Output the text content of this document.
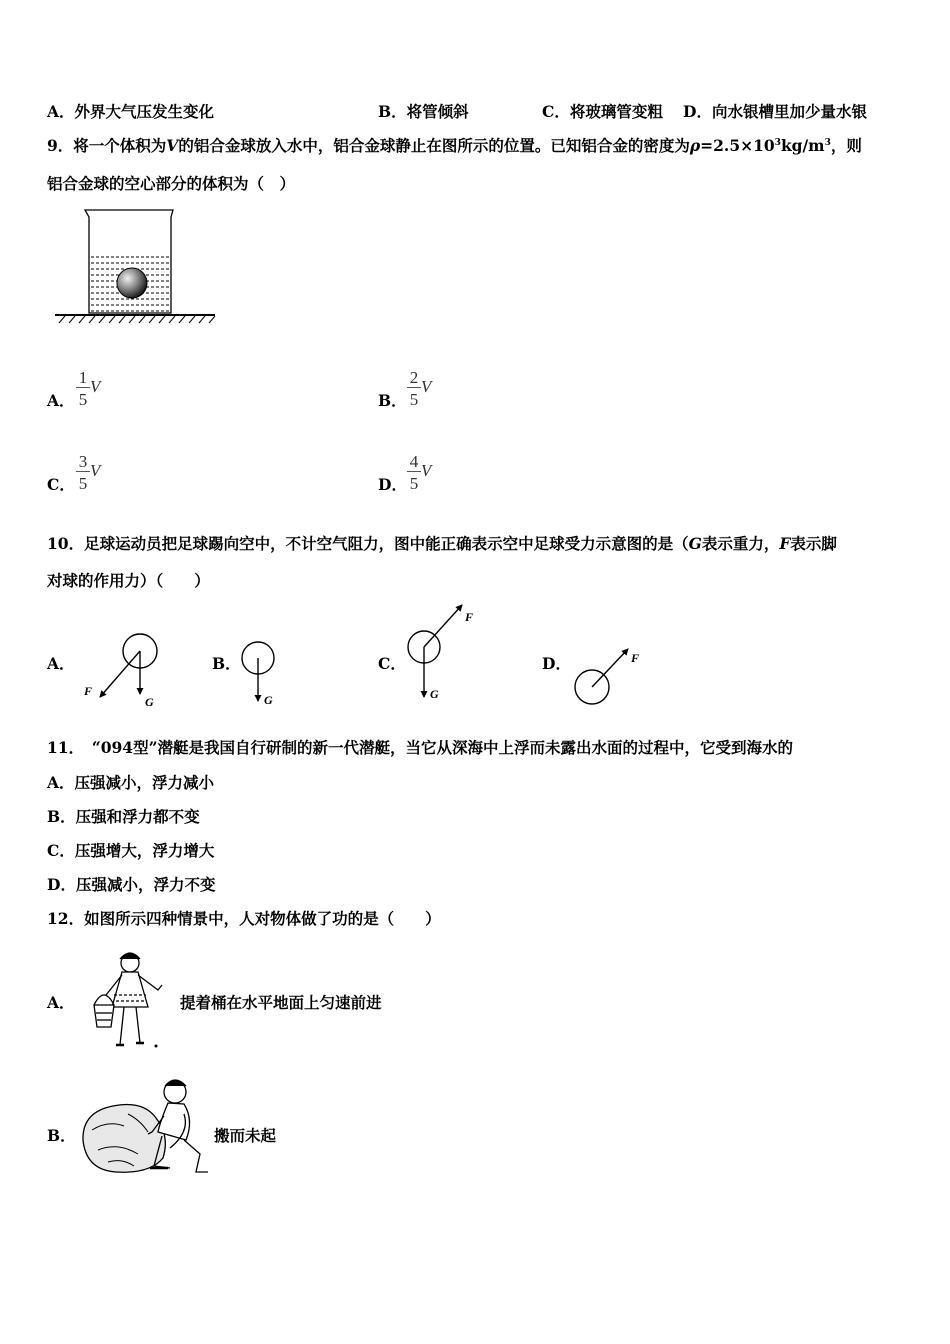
A．外界大气压发生变化	B．将管倾斜	C．将玻璃管变粗 D．向水银槽里加少量水银
9．将一个体积为V的铝合金球放入水中，铝合金球静止在图所示的位置。已知铝合金的密度为$\rho=2.5\times 10^3kg/m^3$，则
铝合金球的空心部分的体积为（　）
A．
1
5
V
B．
2
5
V
C．
3
5
V
D．
4
5
V
10．足球运动员把足球踢向空中，不计空气阻力，图中能正确表示空中足球受力示意图的是（G表示重力，F表示脚
对球的作用力）（　　）
A．	B．	C．	D．
F
G	G
F
G
F
11．　“094型”潜艇是我国自行研制的新一代潜艇，当它从深海中上浮而未露出水面的过程中，它受到海水的
A．压强减小，浮力减小
B．压强和浮力都不变
C．压强增大，浮力增大
D．压强减小，浮力不变
12．如图所示四种情景中，人对物体做了功的是（　　）
A．	提着桶在水平地面上匀速前进
B．	搬而未起
